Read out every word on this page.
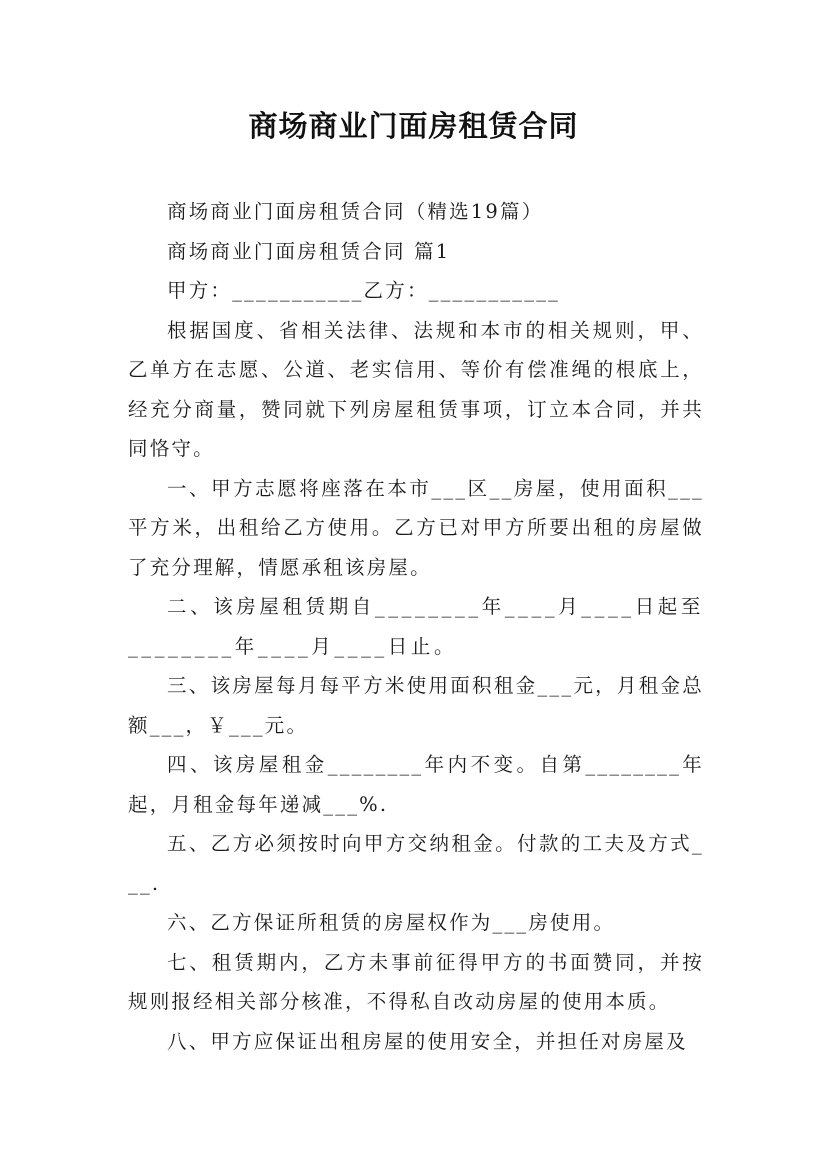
商场商业门面房租赁合同

商场商业门面房租赁合同（精选19篇）

商场商业门面房租赁合同 篇1

甲方：___________乙方：___________

根据国度、省相关法律、法规和本市的相关规则，甲、乙单方在志愿、公道、老实信用、等价有偿准绳的根底上，经充分商量，赞同就下列房屋租赁事项，订立本合同，并共同恪守。

一、甲方志愿将座落在本市___区__房屋，使用面积___平方米，出租给乙方使用。乙方已对甲方所要出租的房屋做了充分理解，情愿承租该房屋。

二、该房屋租赁期自________年____月____日起至________年____月____日止。

三、该房屋每月每平方米使用面积租金___元，月租金总额___，￥___元。

四、该房屋租金________年内不变。自第________年起，月租金每年递减___%.

五、乙方必须按时向甲方交纳租金。付款的工夫及方式___.

六、乙方保证所租赁的房屋权作为___房使用。

七、租赁期内，乙方未事前征得甲方的书面赞同，并按规则报经相关部分核准，不得私自改动房屋的使用本质。

八、甲方应保证出租房屋的使用安全，并担任对房屋及
